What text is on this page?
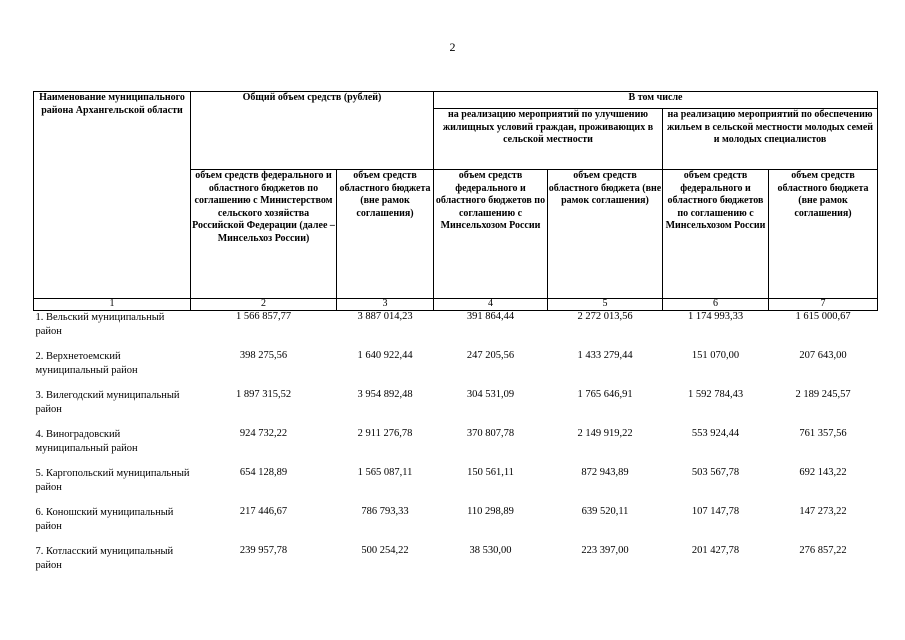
2
Наименование муниципального района Архангельской области	Общий объем средств (рублей)		В том числе			
			на реализацию мероприятий по улучшению жилищных условий граждан, проживающих в сельской местности		на реализацию мероприятий по обеспечению жильем в сельской местности молодых семей и молодых специалистов	
	объем средств федерального и областного бюджетов по соглашению с Министерством сельского хозяйства Российской Федерации (далее – Минсельхоз России)	объем средств областного бюджета (вне рамок соглашения)	объем средств федерального и областного бюджетов по соглашению с Минсельхозом России	объем средств областного бюджета (вне рамок соглашения)	объем средств федерального и областного бюджетов по соглашению с Минсельхозом России	объем средств областного бюджета (вне рамок соглашения)
1	2	3	4	5	6	7
1. Вельский муниципальный район	1 566 857,77	3 887 014,23	391 864,44	2 272 013,56	1 174 993,33	1 615 000,67
2. Верхнетоемский муниципальный район	398 275,56	1 640 922,44	247 205,56	1 433 279,44	151 070,00	207 643,00
3. Вилегодский муниципальный район	1 897 315,52	3 954 892,48	304 531,09	1 765 646,91	1 592 784,43	2 189 245,57
4. Виноградовский муниципальный район	924 732,22	2 911 276,78	370 807,78	2 149 919,22	553 924,44	761 357,56
5. Каргопольский муниципальный район	654 128,89	1 565 087,11	150 561,11	872 943,89	503 567,78	692 143,22
6. Коношский муниципальный район	217 446,67	786 793,33	110 298,89	639 520,11	107 147,78	147 273,22
7. Котласский муниципальный район	239 957,78	500 254,22	38 530,00	223 397,00	201 427,78	276 857,22
